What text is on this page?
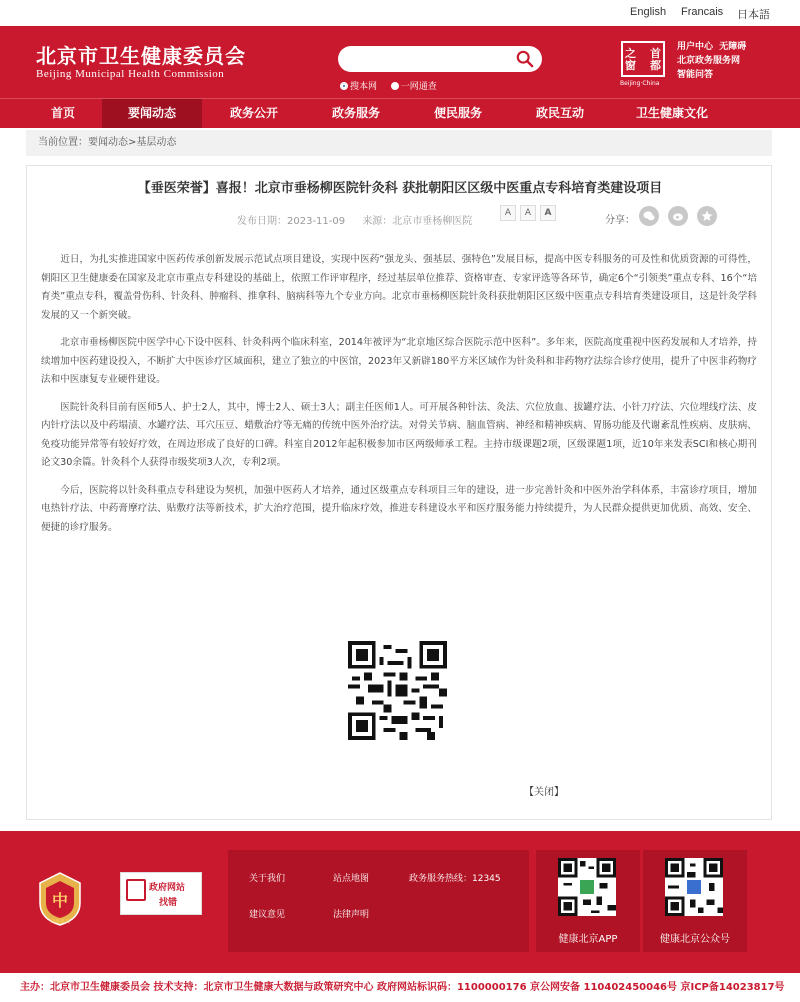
English Francais 日本語
北京市卫生健康委员会
Beijing Municipal Health Commission
搜本网	一网通查
之 首
窗 都
Beijing·China
用户中心 无障碍
北京政务服务网
智能问答
首页	要闻动态	政务公开	政务服务	便民服务	政民互动	卫生健康文化
当前位置：要闻动态>基层动态
【垂医荣誉】喜报！北京市垂杨柳医院针灸科 获批朝阳区区级中医重点专科培育类建设项目
发布日期：2023-11-09 来源：北京市垂杨柳医院
A	A	A
分享：

近日，为扎实推进国家中医药传承创新发展示范试点项目建设，实现中医药“强龙头、强基层、强特色”发展目标，提高中医专科服务的可及性和优质资源的可得性，朝阳区卫生健康委在国家及北京市重点专科建设的基础上，依照工作评审程序，经过基层单位推荐、资格审查、专家评选等各环节，确定6个“引领类”重点专科、16个“培育类”重点专科，覆盖骨伤科、针灸科、肿瘤科、推拿科、脑病科等九个专业方向。北京市垂杨柳医院针灸科获批朝阳区区级中医重点专科培育类建设项目，这是针灸学科发展的又一个新突破。

北京市垂杨柳医院中医学中心下设中医科、针灸科两个临床科室，2014年被评为“北京地区综合医院示范中医科”。多年来，医院高度重视中医药发展和人才培养，持续增加中医药建设投入，不断扩大中医诊疗区域面积，建立了独立的中医馆，2023年又新辟180平方米区域作为针灸科和非药物疗法综合诊疗使用，提升了中医非药物疗法和中医康复专业硬件建设。

医院针灸科目前有医师5人、护士2人，其中，博士2人、硕士3人；副主任医师1人。可开展各种针法、灸法、穴位放血、拔罐疗法、小针刀疗法、穴位埋线疗法、皮内针疗法以及中药塌渍、水罐疗法、耳穴压豆、蜡敷治疗等无痛的传统中医外治疗法。对骨关节病、脑血管病、神经和精神疾病、胃肠功能及代谢紊乱性疾病、皮肤病、免疫功能异常等有较好疗效，在周边形成了良好的口碑。科室自2012年起积极参加市区两级师承工程。主持市级课题2项，区级课题1项，近10年来发表SCI和核心期刊论文30余篇。针灸科个人获得市级奖项3人次，专利2项。

今后，医院将以针灸科重点专科建设为契机，加强中医药人才培养，通过区级重点专科项目三年的建设，进一步完善针灸和中医外治学科体系，丰富诊疗项目，增加电热针疗法、中药膏摩疗法、贴敷疗法等新技术，扩大治疗范围，提升临床疗效，推进专科建设水平和医疗服务能力持续提升，为人民群众提供更加优质、高效、安全、便捷的诊疗服务。

【关闭】
中
党政机关
政府网站
找错
关于我们	站点地图	政务服务热线：12345
建议意见	法律声明
健康北京APP	健康北京公众号
主办：北京市卫生健康委员会 技术支持：北京市卫生健康大数据与政策研究中心 政府网站标识码：1100000176 京公网安备 110402450046号 京ICP备14023817号
